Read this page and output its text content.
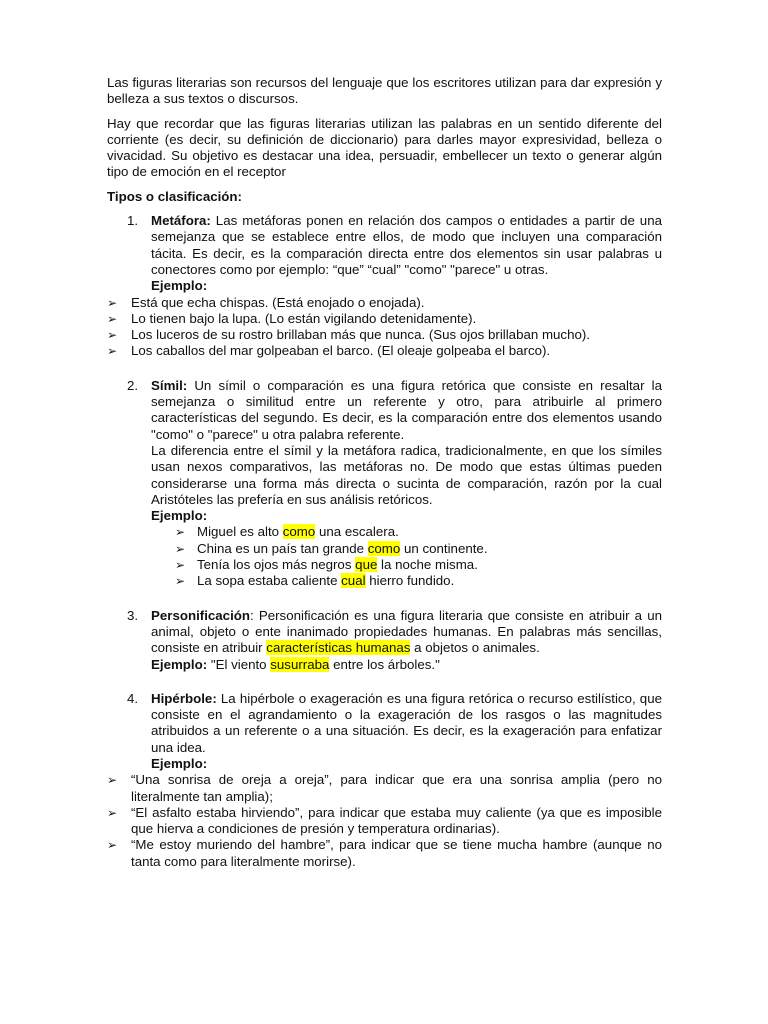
Las figuras literarias son recursos del lenguaje que los escritores utilizan para dar expresión y belleza a sus textos o discursos.

Hay que recordar que las figuras literarias utilizan las palabras en un sentido diferente del corriente (es decir, su definición de diccionario) para darles mayor expresividad, belleza o vivacidad. Su objetivo es destacar una idea, persuadir, embellecer un texto o generar algún tipo de emoción en el receptor

Tipos o clasificación:

1. Metáfora: Las metáforas ponen en relación dos campos o entidades a partir de una semejanza que se establece entre ellos, de modo que incluyen una comparación tácita. Es decir, es la comparación directa entre dos elementos sin usar palabras u conectores como por ejemplo: “que” “cual” "como" "parece" u otras.

Ejemplo:

➢ Está que echa chispas. (Está enojado o enojada).

➢ Lo tienen bajo la lupa. (Lo están vigilando detenidamente).

➢ Los luceros de su rostro brillaban más que nunca. (Sus ojos brillaban mucho).

➢ Los caballos del mar golpeaban el barco. (El oleaje golpeaba el barco).

2. Símil: Un símil o comparación es una figura retórica que consiste en resaltar la semejanza o similitud entre un referente y otro, para atribuirle al primero características del segundo. Es decir, es la comparación entre dos elementos usando "como" o "parece" u otra palabra referente.

La diferencia entre el símil y la metáfora radica, tradicionalmente, en que los símiles usan nexos comparativos, las metáforas no. De modo que estas últimas pueden considerarse una forma más directa o sucinta de comparación, razón por la cual Aristóteles las prefería en sus análisis retóricos.

Ejemplo:

➢ Miguel es alto como una escalera.

➢ China es un país tan grande como un continente.

➢ Tenía los ojos más negros que la noche misma.

➢ La sopa estaba caliente cual hierro fundido.

3. Personificación: Personificación es una figura literaria que consiste en atribuir a un animal, objeto o ente inanimado propiedades humanas. En palabras más sencillas, consiste en atribuir características humanas a objetos o animales.

Ejemplo: "El viento susurraba entre los árboles."

4. Hipérbole: La hipérbole o exageración es una figura retórica o recurso estilístico, que consiste en el agrandamiento o la exageración de los rasgos o las magnitudes atribuidos a un referente o a una situación. Es decir, es la exageración para enfatizar una idea.

Ejemplo:

➢ “Una sonrisa de oreja a oreja”, para indicar que era una sonrisa amplia (pero no literalmente tan amplia);

➢ “El asfalto estaba hirviendo”, para indicar que estaba muy caliente (ya que es imposible que hierva a condiciones de presión y temperatura ordinarias).

➢ “Me estoy muriendo del hambre”, para indicar que se tiene mucha hambre (aunque no tanta como para literalmente morirse).
